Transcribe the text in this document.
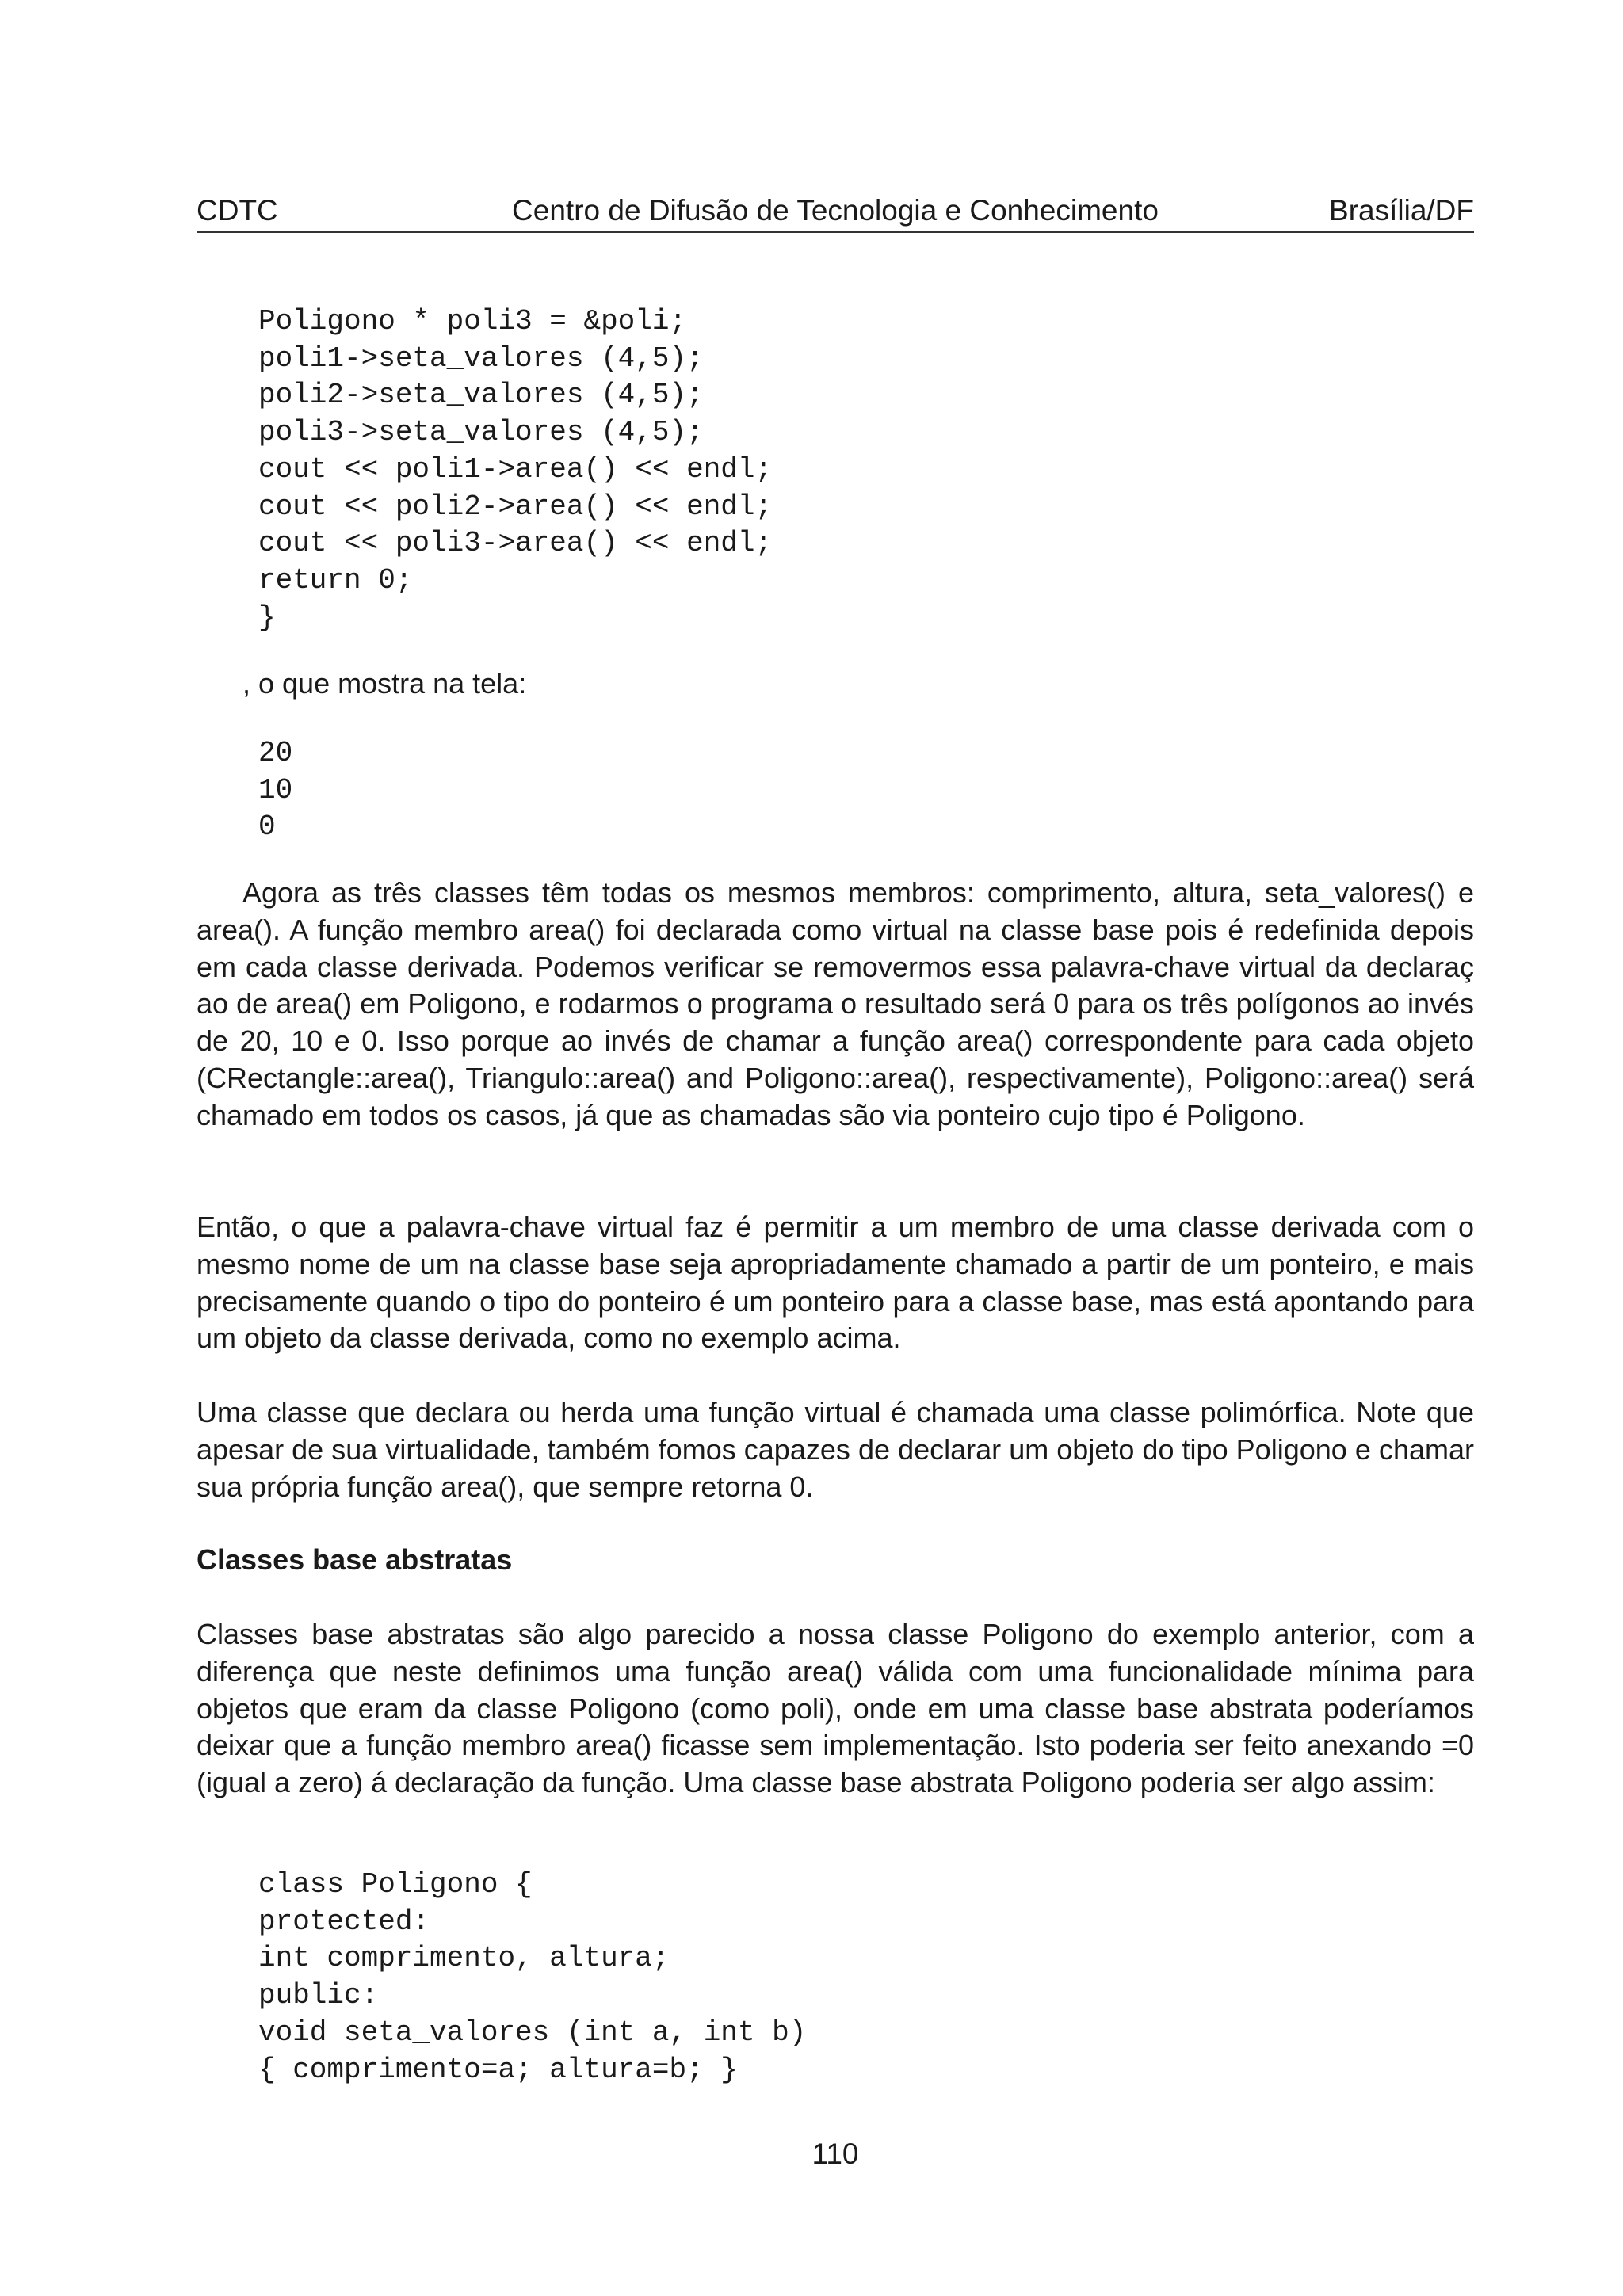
CDTC	Centro de Difusão de Tecnologia e Conhecimento	Brasília/DF
Poligono * poli3 = &poli;
poli1->seta_valores (4,5);
poli2->seta_valores (4,5);
poli3->seta_valores (4,5);
cout << poli1->area() << endl;
cout << poli2->area() << endl;
cout << poli3->area() << endl;
return 0;
}
, o que mostra na tela:
20
10
0

Agora as três classes têm todas os mesmos membros: comprimento, altura, seta_valores() e area(). A função membro area() foi declarada como virtual na classe base pois é redefinida depois em cada classe derivada. Podemos verificar se removermos essa palavra-chave virtual da declaraç ao de area() em Poligono, e rodarmos o programa o resultado será 0 para os três polígonos ao invés de 20, 10 e 0. Isso porque ao invés de chamar a função area() correspondente para cada objeto (CRectangle::area(), Triangulo::area() and Poligono::area(), respectivamente), Poligono::area() será chamado em todos os casos, já que as chamadas são via ponteiro cujo tipo é Poligono.

Então, o que a palavra-chave virtual faz é permitir a um membro de uma classe derivada com o mesmo nome de um na classe base seja apropriadamente chamado a partir de um ponteiro, e mais precisamente quando o tipo do ponteiro é um ponteiro para a classe base, mas está apontando para um objeto da classe derivada, como no exemplo acima.

Uma classe que declara ou herda uma função virtual é chamada uma classe polimórfica. Note que apesar de sua virtualidade, também fomos capazes de declarar um objeto do tipo Poligono e chamar sua própria função area(), que sempre retorna 0.

Classes base abstratas

Classes base abstratas são algo parecido a nossa classe Poligono do exemplo anterior, com a diferença que neste definimos uma função area() válida com uma funcionalidade mínima para objetos que eram da classe Poligono (como poli), onde em uma classe base abstrata poderíamos deixar que a função membro area() ficasse sem implementação. Isto poderia ser feito anexando =0 (igual a zero) á declaração da função. Uma classe base abstrata Poligono poderia ser algo assim:

class Poligono {
protected:
int comprimento, altura;
public:
void seta_valores (int a, int b)
{ comprimento=a; altura=b; }
110
